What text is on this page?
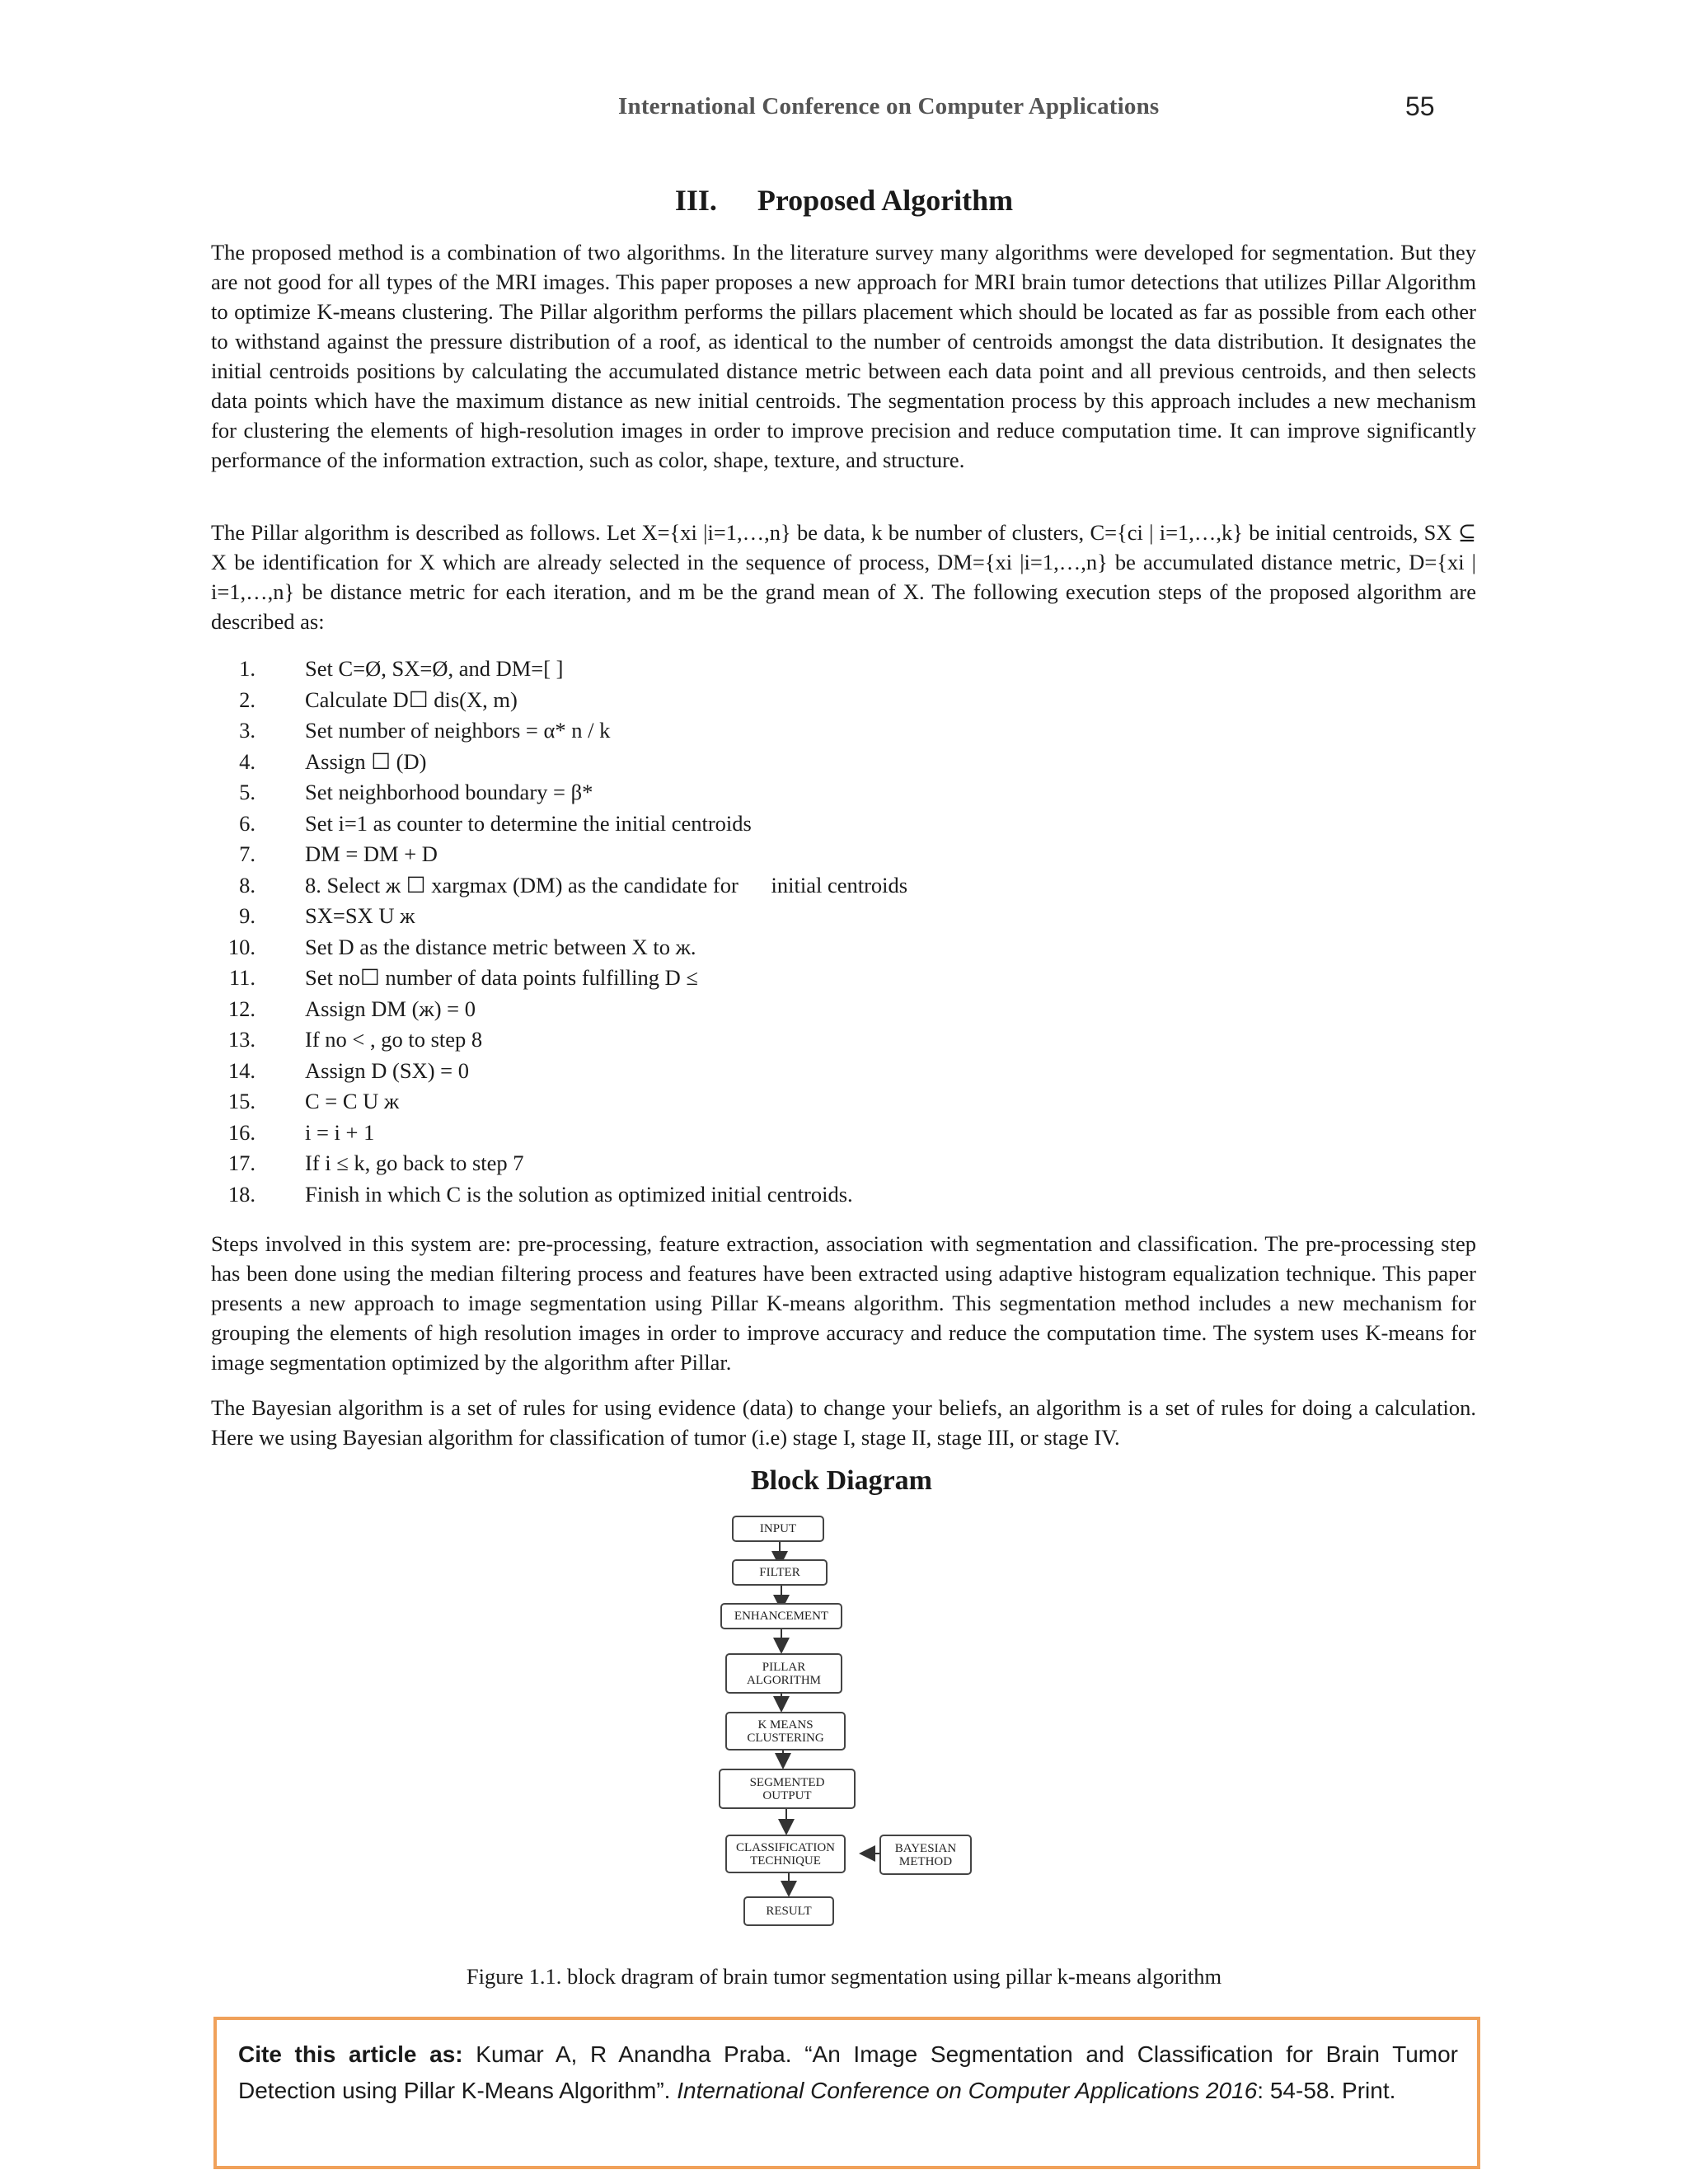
International Conference on Computer Applications	55
III. Proposed Algorithm

The proposed method is a combination of two algorithms. In the literature survey many algorithms were developed for segmentation. But they are not good for all types of the MRI images. This paper proposes a new approach for MRI brain tumor detections that utilizes Pillar Algorithm to optimize K-means clustering. The Pillar algorithm performs the pillars placement which should be located as far as possible from each other to withstand against the pressure distribution of a roof, as identical to the number of centroids amongst the data distribution. It designates the initial centroids positions by calculating the accumulated distance metric between each data point and all previous centroids, and then selects data points which have the maximum distance as new initial centroids. The segmentation process by this approach includes a new mechanism for clustering the elements of high-resolution images in order to improve precision and reduce computation time. It can improve significantly performance of the information extraction, such as color, shape, texture, and structure.

The Pillar algorithm is described as follows. Let X={xi |i=1,…,n} be data, k be number of clusters, C={ci | i=1,…,k} be initial centroids, SX ⊆ X be identification for X which are already selected in the sequence of process, DM={xi |i=1,…,n} be accumulated distance metric, D={xi | i=1,…,n} be distance metric for each iteration, and m be the grand mean of X. The following execution steps of the proposed algorithm are described as:

1. Set C=Ø, SX=Ø, and DM=[ ]
2. Calculate D☐ dis(X, m)
3. Set number of neighbors = α* n / k
4. Assign ☐ (D)
5. Set neighborhood boundary = β*
6. Set i=1 as counter to determine the initial centroids
7. DM = DM + D
8. 8. Select ж ☐ xargmax (DM) as the candidate for      initial centroids
9. SX=SX U ж
10. Set D as the distance metric between X to ж.
11. Set no☐ number of data points fulfilling D ≤
12. Assign DM (ж) = 0
13. If no < , go to step 8
14. Assign D (SX) = 0
15. C = C U ж
16. i = i + 1
17. If i ≤ k, go back to step 7
18. Finish in which C is the solution as optimized initial centroids.

Steps involved in this system are: pre-processing, feature extraction, association with segmentation and classification. The pre-processing step has been done using the median filtering process and features have been extracted using adaptive histogram equalization technique. This paper presents a new approach to image segmentation using Pillar K-means algorithm. This segmentation method includes a new mechanism for grouping the elements of high resolution images in order to improve accuracy and reduce the computation time. The system uses K-means for image segmentation optimized by the algorithm after Pillar.

The Bayesian algorithm is a set of rules for using evidence (data) to change your beliefs, an algorithm is a set of rules for doing a calculation. Here we using Bayesian algorithm for classification of tumor (i.e) stage I, stage II, stage III, or stage IV.

Block Diagram
INPUT
FILTER
ENHANCEMENT
PILLAR ALGORITHM
K MEANS CLUSTERING
SEGMENTED OUTPUT
CLASSIFICATION TECHNIQUE
BAYESIAN METHOD
RESULT
Figure 1.1. block dragram of brain tumor segmentation using pillar k-means algorithm

Cite this article as: Kumar A, R Anandha Praba. “An Image Segmentation and Classification for Brain Tumor Detection using Pillar K-Means Algorithm”. International Conference on Computer Applications 2016: 54-58. Print.
